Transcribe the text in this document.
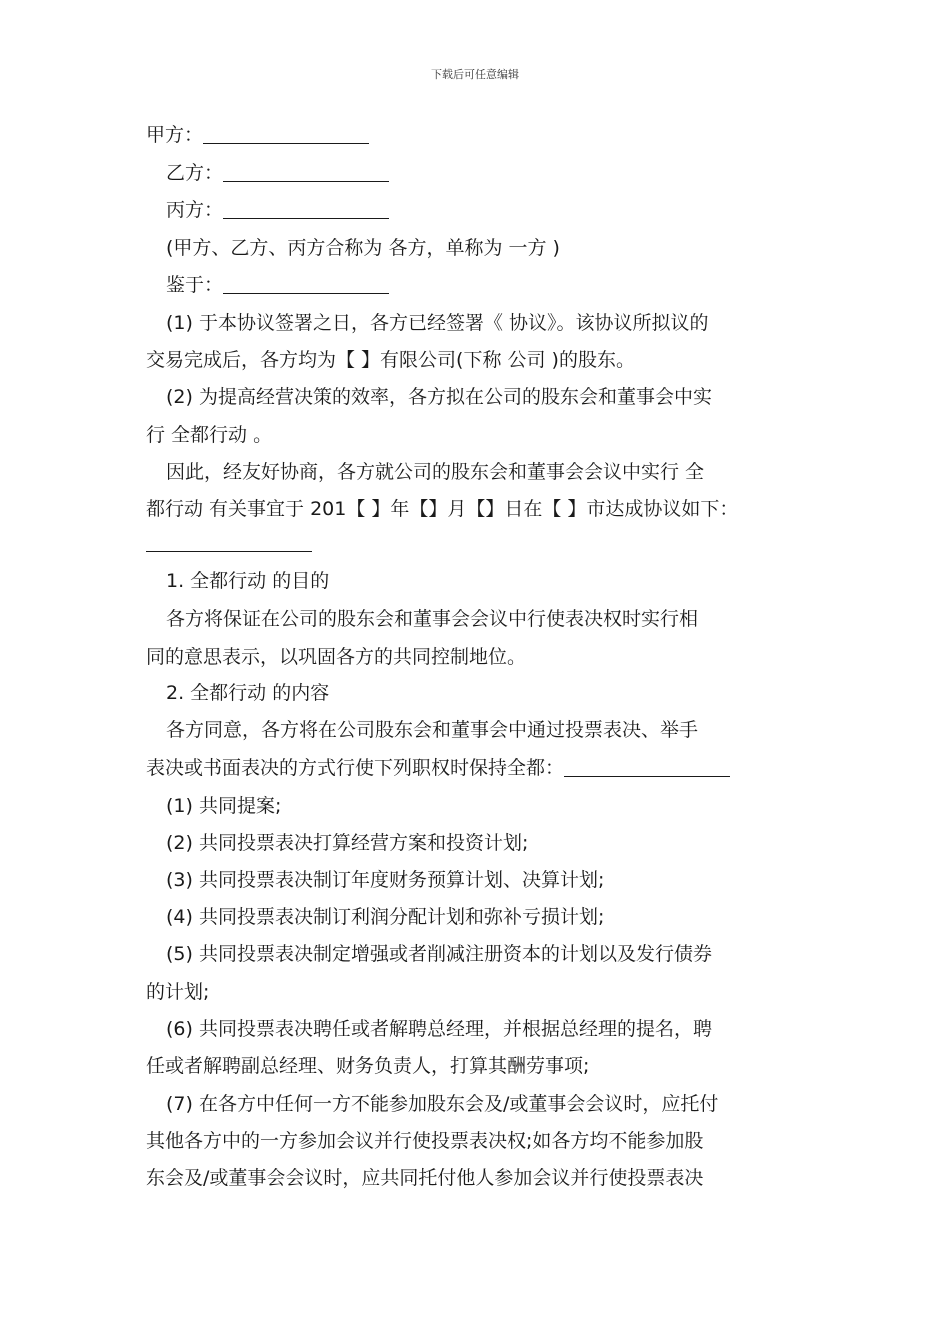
下载后可任意编辑
甲方：
乙方：
丙方：
(甲方、乙方、丙方合称为 各方，单称为 一方 )
鉴于：
(1) 于本协议签署之日，各方已经签署《 协议》。该协议所拟议的
交易完成后，各方均为【 】有限公司(下称 公司 )的股东。
(2) 为提高经营决策的效率，各方拟在公司的股东会和董事会中实
行 全都行动 。
因此，经友好协商，各方就公司的股东会和董事会会议中实行 全
都行动 有关事宜于 201【 】年【】月【】日在【 】市达成协议如下：
1. 全都行动 的目的
各方将保证在公司的股东会和董事会会议中行使表决权时实行相
同的意思表示，以巩固各方的共同控制地位。
2. 全都行动 的内容
各方同意，各方将在公司股东会和董事会中通过投票表决、举手
表决或书面表决的方式行使下列职权时保持全都：
(1) 共同提案;
(2) 共同投票表决打算经营方案和投资计划;
(3) 共同投票表决制订年度财务预算计划、决算计划;
(4) 共同投票表决制订利润分配计划和弥补亏损计划;
(5) 共同投票表决制定增强或者削减注册资本的计划以及发行债券
的计划;
(6) 共同投票表决聘任或者解聘总经理，并根据总经理的提名，聘
任或者解聘副总经理、财务负责人，打算其酬劳事项;
(7) 在各方中任何一方不能参加股东会及/或董事会会议时，应托付
其他各方中的一方参加会议并行使投票表决权;如各方均不能参加股
东会及/或董事会会议时，应共同托付他人参加会议并行使投票表决
